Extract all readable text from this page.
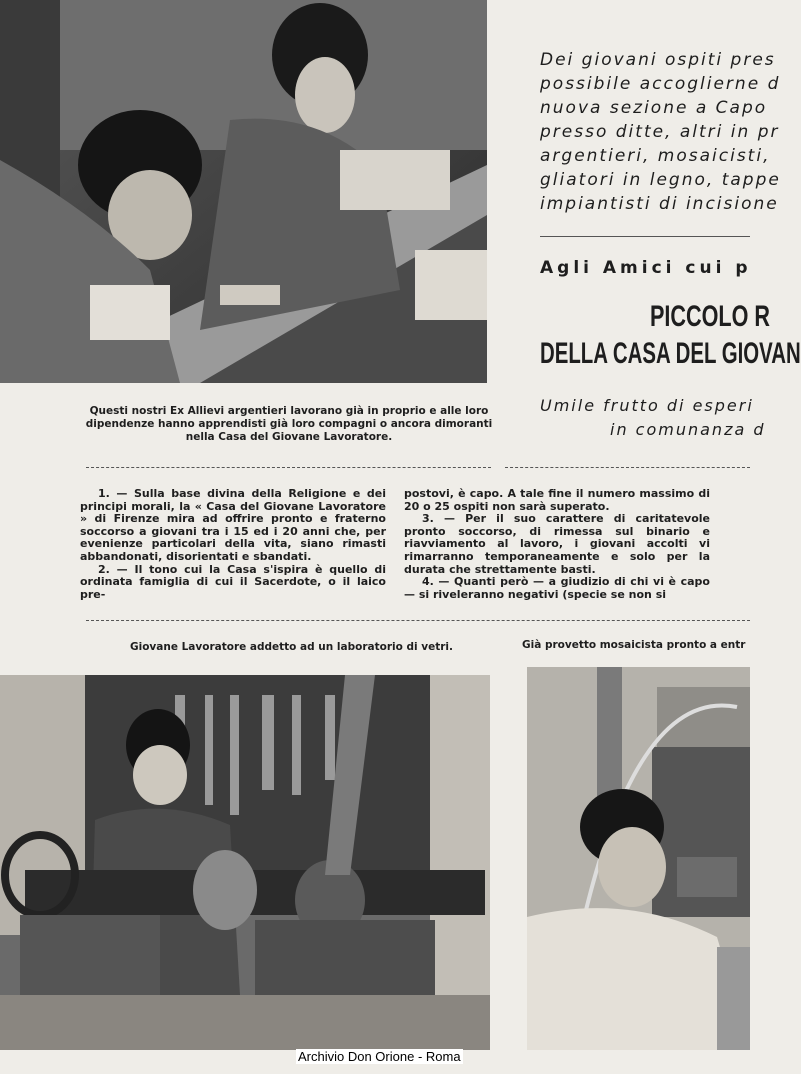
Questi nostri Ex Allievi argentieri lavorano già in proprio e alle loro dipendenze hanno apprendisti già loro compagni o ancora dimoranti nella Casa del Giovane Lavoratore.
Dei giovani ospiti pres
possibile accoglierne d
nuova sezione a Capo
presso ditte, altri in pr
argentieri, mosaicisti,
gliatori in legno, tappe
impiantisti di incisione
Agli Amici cui p
PICCOLO R
DELLA CASA DEL GIOVAN
Umile frutto di esperi
in comunanza d

1. — Sulla base divina della Religione e dei principi morali, la « Casa del Giovane Lavoratore » di Firenze mira ad offrire pronto e fraterno soccorso a giovani tra i 15 ed i 20 anni che, per evenienze particolari della vita, siano rimasti abbandonati, disorientati e sbandati.

2. — Il tono cui la Casa s'ispira è quello di ordinata famiglia di cui il Sacerdote, o il laico pre-

postovi, è capo. A tale fine il numero massimo di 20 o 25 ospiti non sarà superato.

3. — Per il suo carattere di caritatevole pronto soccorso, di rimessa sul binario e riavviamento al lavoro, i giovani accolti vi rimarranno temporaneamente e solo per la durata che strettamente basti.

4. — Quanti però — a giudizio di chi vi è capo — si riveleranno negativi (specie se non si

Giovane Lavoratore addetto ad un laboratorio di vetri.	Già provetto mosaicista pronto a entr
Archivio Don Orione - Roma
